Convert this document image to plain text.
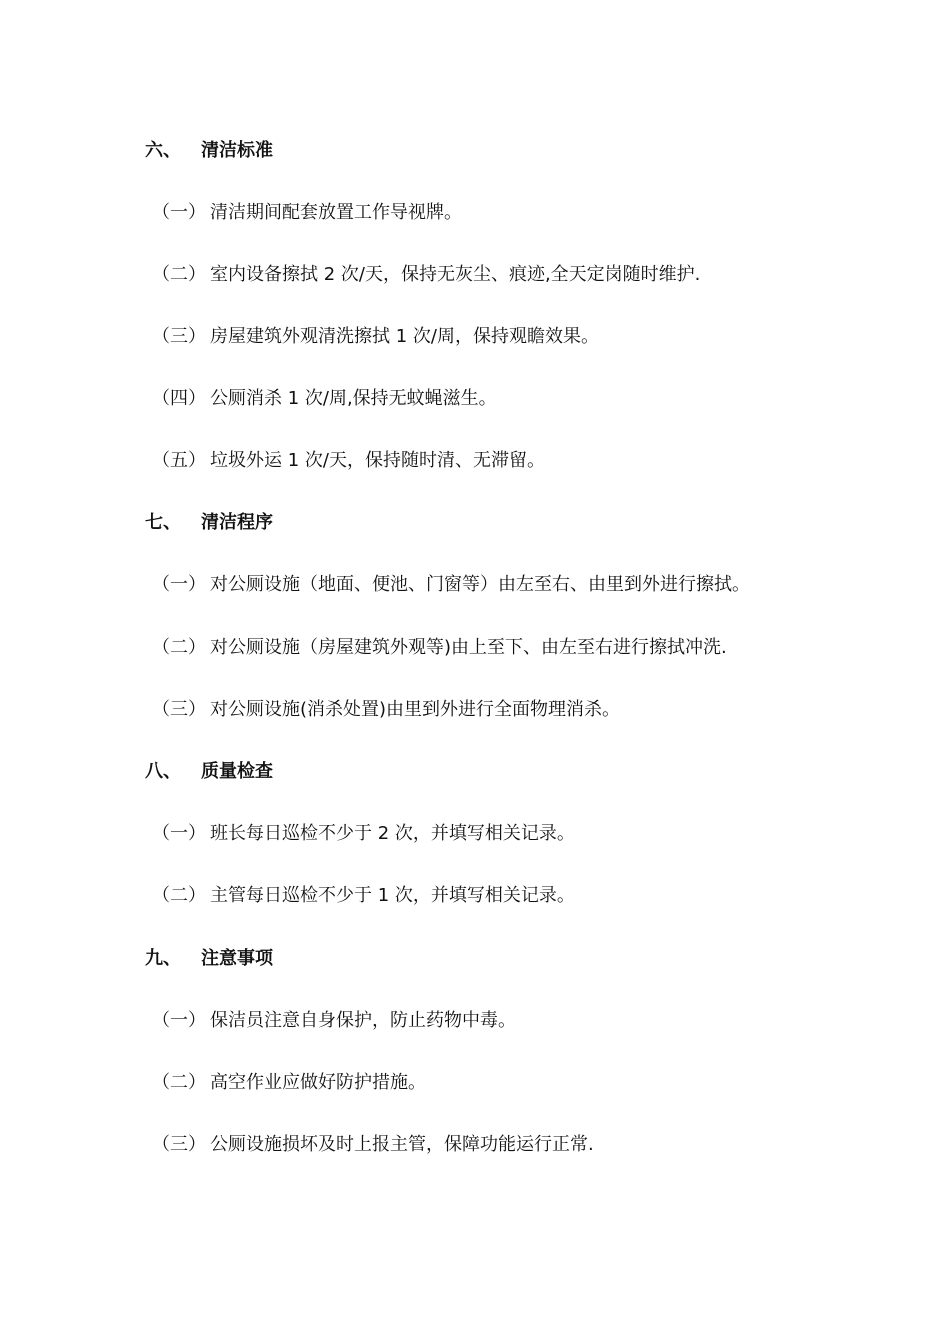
六、 清洁标准
（一） 清洁期间配套放置工作导视牌。
（二） 室内设备擦拭 2 次/天，保持无灰尘、痕迹,全天定岗随时维护.
（三） 房屋建筑外观清洗擦拭 1 次/周，保持观瞻效果。
（四） 公厕消杀 1 次/周,保持无蚊蝇滋生。
（五） 垃圾外运 1 次/天，保持随时清、无滞留。
七、 清洁程序
（一） 对公厕设施（地面、便池、门窗等）由左至右、由里到外进行擦拭。
（二） 对公厕设施（房屋建筑外观等)由上至下、由左至右进行擦拭冲洗.
（三） 对公厕设施(消杀处置)由里到外进行全面物理消杀。
八、 质量检查
（一） 班长每日巡检不少于 2 次，并填写相关记录。
（二） 主管每日巡检不少于 1 次，并填写相关记录。
九、 注意事项
（一） 保洁员注意自身保护，防止药物中毒。
（二） 高空作业应做好防护措施。
（三） 公厕设施损坏及时上报主管，保障功能运行正常.
